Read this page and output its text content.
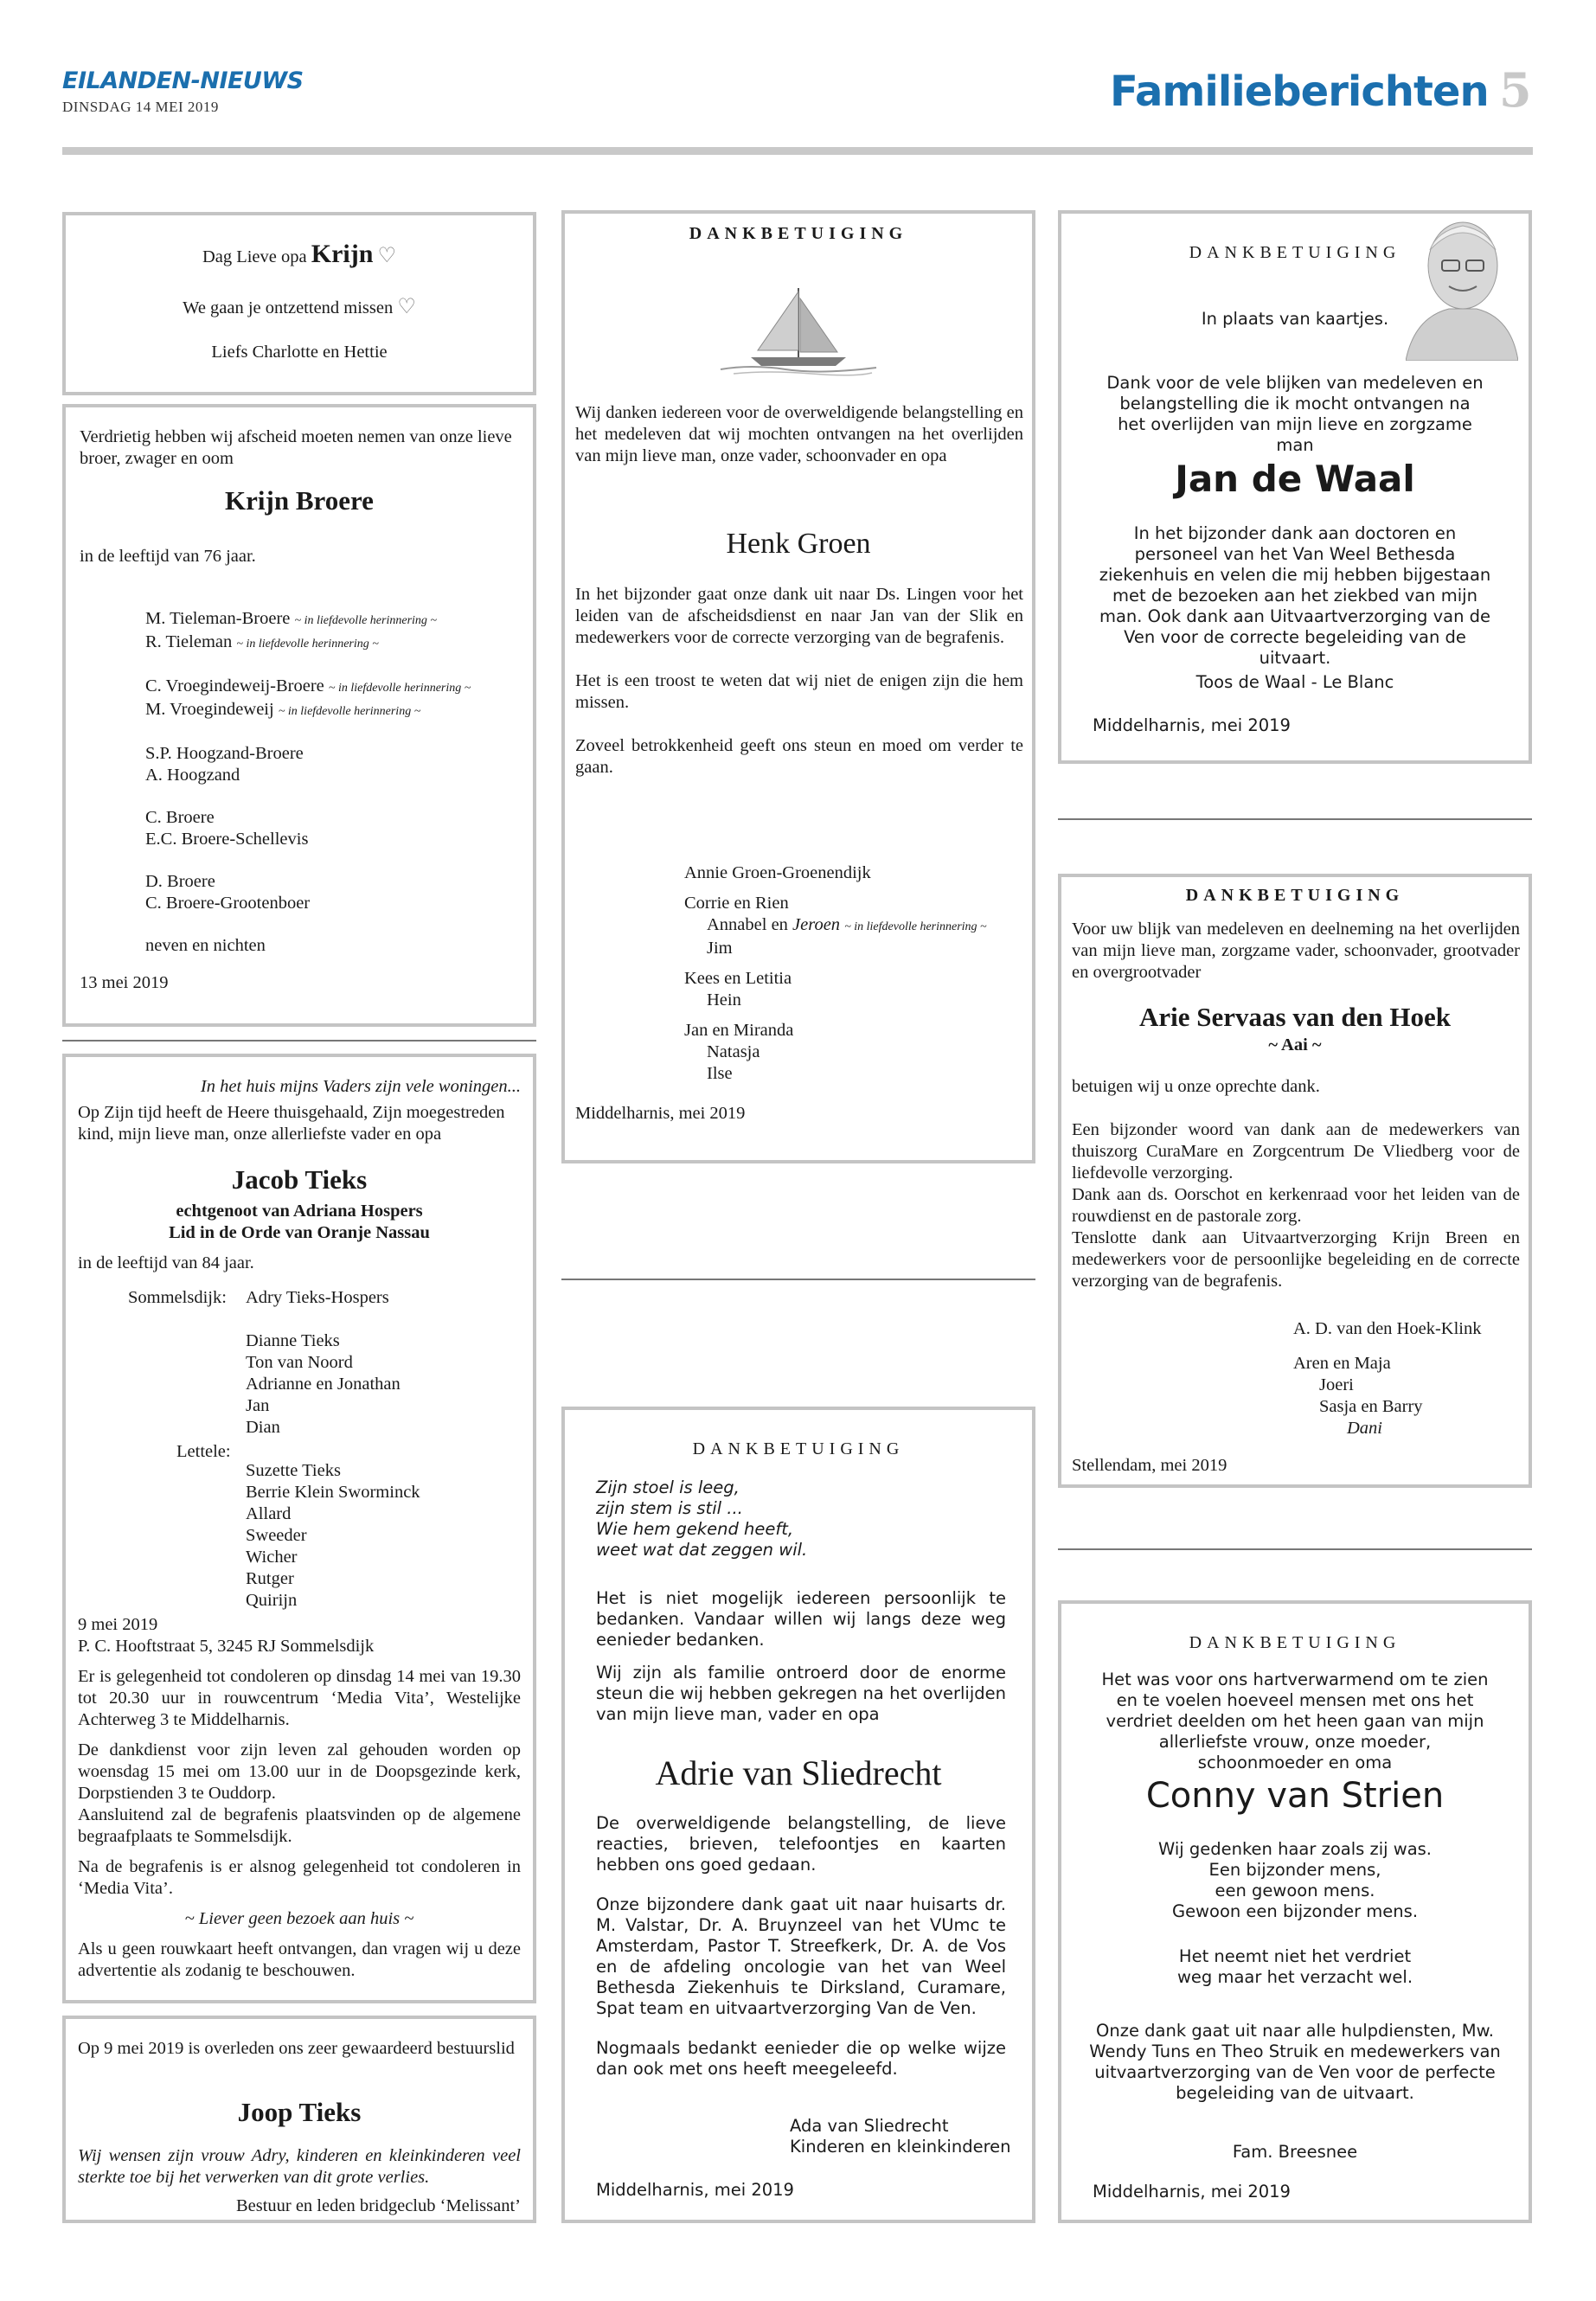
EILANDEN-NIEUWS
DINSDAG 14 MEI 2019	Familieberichten 5
Dag Lieve opa Krijn ♡
We gaan je ontzettend missen ♡
Liefs Charlotte en Hettie
Verdrietig hebben wij afscheid moeten nemen van onze lieve broer, zwager en oom
Krijn Broere
in de leeftijd van 76 jaar.

M. Tieleman-Broere ~ in liefdevolle herinnering ~

R. Tieleman ~ in liefdevolle herinnering ~

C. Vroegindeweij-Broere ~ in liefdevolle herinnering ~

M. Vroegindeweij ~ in liefdevolle herinnering ~

S.P. Hoogzand-Broere

A. Hoogzand

C. Broere

E.C. Broere-Schellevis

D. Broere

C. Broere-Grootenboer

neven en nichten

13 mei 2019
In het huis mijns Vaders zijn vele woningen...
Op Zijn tijd heeft de Heere thuisgehaald, Zijn moegestreden kind, mijn lieve man, onze allerliefste vader en opa
Jacob Tieks
echtgenoot van Adriana Hospers
Lid in de Orde van Oranje Nassau
in de leeftijd van 84 jaar.
Sommelsdijk:
Lettele:

Adry Tieks-Hospers

Dianne Tieks

Ton van Noord

Adrianne en Jonathan

Jan

Dian

Suzette Tieks

Berrie Klein Sworminck

Allard

Sweeder

Wicher

Rutger

Quirijn

9 mei 2019

P. C. Hooftstraat 5, 3245 RJ Sommelsdijk

Er is gelegenheid tot condoleren op dinsdag 14 mei van 19.30 tot 20.30 uur in rouwcentrum ‘Media Vita’, Westelijke Achterweg 3 te Middelharnis.

De dankdienst voor zijn leven zal gehouden worden op woensdag 15 mei om 13.00 uur in de Doopsgezinde kerk, Dorpstienden 3 te Ouddorp.

Aansluitend zal de begrafenis plaatsvinden op de algemene begraafplaats te Sommelsdijk.

Na de begrafenis is er alsnog gelegenheid tot condoleren in ‘Media Vita’.

~ Liever geen bezoek aan huis ~

Als u geen rouwkaart heeft ontvangen, dan vragen wij u deze advertentie als zodanig te beschouwen.

Op 9 mei 2019 is overleden ons zeer gewaardeerd bestuurslid
Joop Tieks
Wij wensen zijn vrouw Adry, kinderen en kleinkinderen veel sterkte toe bij het verwerken van dit grote verlies.
Bestuur en leden bridgeclub ‘Melissant’
DANKBETUIGING
Wij danken iedereen voor de overweldigende belangstelling en het medeleven dat wij mochten ontvangen na het overlijden van mijn lieve man, onze vader, schoonvader en opa
Henk Groen

In het bijzonder gaat onze dank uit naar Ds. Lingen voor het leiden van de afscheidsdienst en naar Jan van der Slik en medewerkers voor de correcte verzorging van de begrafenis.

Het is een troost te weten dat wij niet de enigen zijn die hem missen.

Zoveel betrokkenheid geeft ons steun en moed om verder te gaan.

Annie Groen-Groenendijk

Corrie en Rien

Annabel en Jeroen ~ in liefdevolle herinnering ~

Jim

Kees en Letitia

Hein

Jan en Miranda

Natasja

Ilse

Middelharnis, mei 2019
DANKBETUIGING

Zijn stoel is leeg,

zijn stem is stil ...

Wie hem gekend heeft,

weet wat dat zeggen wil.

Het is niet mogelijk iedereen persoonlijk te bedanken. Vandaar willen wij langs deze weg eenieder bedanken.

Wij zijn als familie ontroerd door de enorme steun die wij hebben gekregen na het overlijden van mijn lieve man, vader en opa

Adrie van Sliedrecht

De overweldigende belangstelling, de lieve reacties, brieven, telefoontjes en kaarten hebben ons goed gedaan.

Onze bijzondere dank gaat uit naar huisarts dr. M. Valstar, Dr. A. Bruynzeel van het VUmc te Amsterdam, Pastor T. Streefkerk, Dr. A. de Vos en de afdeling oncologie van het van Weel Bethesda Ziekenhuis te Dirksland, Curamare, Spat team en uitvaartverzorging Van de Ven.

Nogmaals bedankt eenieder die op welke wijze dan ook met ons heeft meegeleefd.

Ada van Sliedrecht

Kinderen en kleinkinderen

Middelharnis, mei 2019
DANKBETUIGING
In plaats van kaartjes.
Dank voor de vele blijken van medeleven en belangstelling die ik mocht ontvangen na het overlijden van mijn lieve en zorgzame man
Jan de Waal
In het bijzonder dank aan doctoren en personeel van het Van Weel Bethesda ziekenhuis en velen die mij hebben bijgestaan met de bezoeken aan het ziekbed van mijn man. Ook dank aan Uitvaartverzorging van de Ven voor de correcte begeleiding van de uitvaart.
Toos de Waal - Le Blanc
Middelharnis, mei 2019
DANKBETUIGING
Voor uw blijk van medeleven en deelneming na het overlijden van mijn lieve man, zorgzame vader, schoonvader, grootvader en overgrootvader
Arie Servaas van den Hoek
~ Aai ~

betuigen wij u onze oprechte dank.

Een bijzonder woord van dank aan de medewerkers van thuiszorg CuraMare en Zorgcentrum De Vliedberg voor de liefdevolle verzorging.

Dank aan ds. Oorschot en kerkenraad voor het leiden van de rouwdienst en de pastorale zorg.

Tenslotte dank aan Uitvaartverzorging Krijn Breen en medewerkers voor de persoonlijke begeleiding en de correcte verzorging van de begrafenis.

A. D. van den Hoek-Klink

Aren en Maja

Joeri

Sasja en Barry

Dani

Stellendam, mei 2019
DANKBETUIGING
Het was voor ons hartverwarmend om te zien en te voelen hoeveel mensen met ons het verdriet deelden om het heen gaan van mijn allerliefste vrouw, onze moeder, schoonmoeder en oma
Conny van Strien

Wij gedenken haar zoals zij was.

Een bijzonder mens,

een gewoon mens.

Gewoon een bijzonder mens.

Het neemt niet het verdriet weg maar het verzacht wel.
Onze dank gaat uit naar alle hulpdiensten, Mw. Wendy Tuns en Theo Struik en medewerkers van uitvaartverzorging van de Ven voor de perfecte begeleiding van de uitvaart.
Fam. Breesnee
Middelharnis, mei 2019
